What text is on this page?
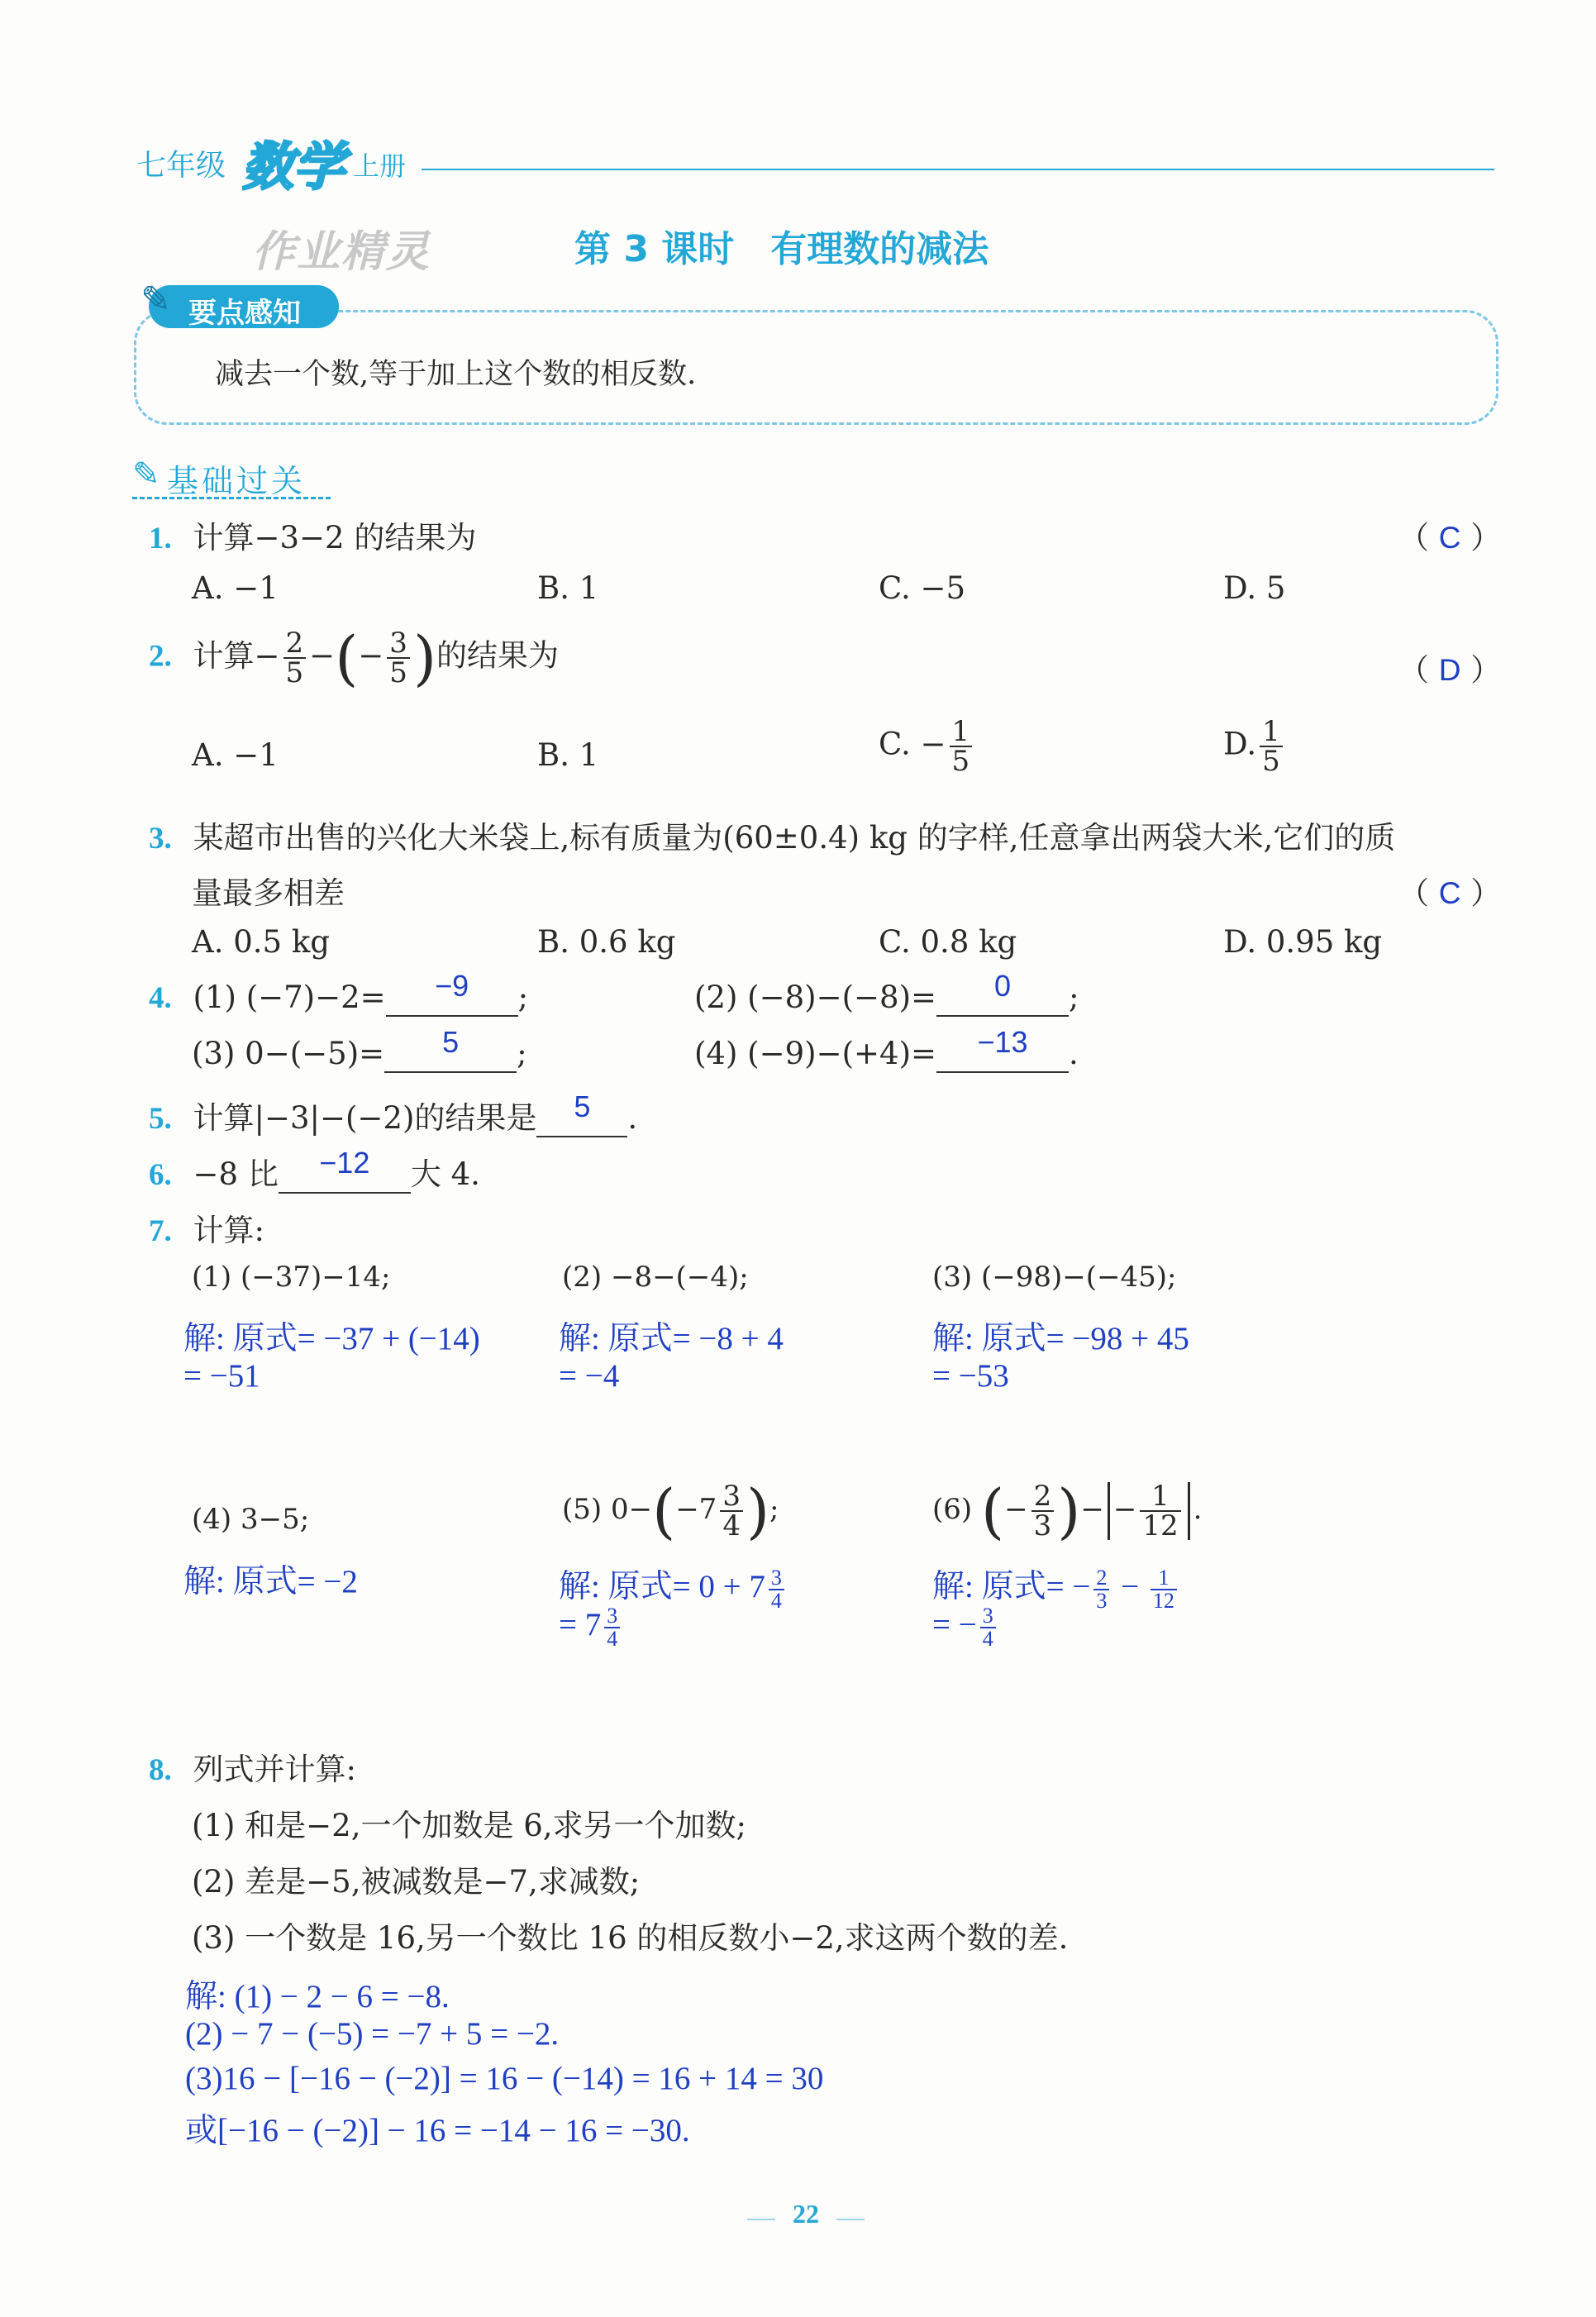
七年级 数学 上册
作业精灵	第 3 课时　有理数的减法
✎ 要点感知
减去一个数,等于加上这个数的相反数.
✎ 基础过关
1. 计算−3−2 的结果为	（ C ）
A. −1	B. 1	C. −5	D. 5
2. 计算− $\frac{2}{5}$ −(− $\frac{3}{5}$ )的结果为	（ D ）
A. −1	B. 1	C. − $\frac{1}{5}$	D. $\frac{1}{5}$
3. 某超市出售的兴化大米袋上,标有质量为(60±0.4) kg 的字样,任意拿出两袋大米,它们的质
量最多相差	（ C ）
A. 0.5 kg	B. 0.6 kg	C. 0.8 kg	D. 0.95 kg
4. (1) (−7)−2= −9 ;	(2) (−8)−(−8)= 0 ;
(3) 0−(−5)= 5 ;	(4) (−9)−(+4)= −13 .
5. 计算|−3|−(−2)的结果是 5 .
6. −8 比 −12 大 4.
7. 计算:
(1) (−37)−14;	(2) −8−(−4);	(3) (−98)−(−45);
解: 原式= −37 + (−14)
= −51
解: 原式= −8 + 4
= −4
解: 原式= −98 + 45
= −53
(4) 3−5;	(5) $0-(-7 \frac{3}{4}$ );	(6) (− $\frac{2}{3}$ )− − $\frac{1}{12}$ .
解: 原式= −2	解: 原式= $0 + 7 \frac{3}{4}$
= $7 \frac{3}{4}$
解: 原式= − $\frac{2}{3} - \frac{1}{12}$
= − $\frac{3}{4}$
8. 列式并计算:
(1) 和是−2,一个加数是 6,求另一个加数;
(2) 差是−5,被减数是−7,求减数;
(3) 一个数是 16,另一个数比 16 的相反数小−2,求这两个数的差.
解: (1) − 2 − 6 = −8.
(2) − 7 − (−5) = −7 + 5 = −2.
(3)16 − [−16 − (−2)] = 16 − (−14) = 16 + 14 = 30
或[−16 − (−2)] − 16 = −14 − 16 = −30.
22
